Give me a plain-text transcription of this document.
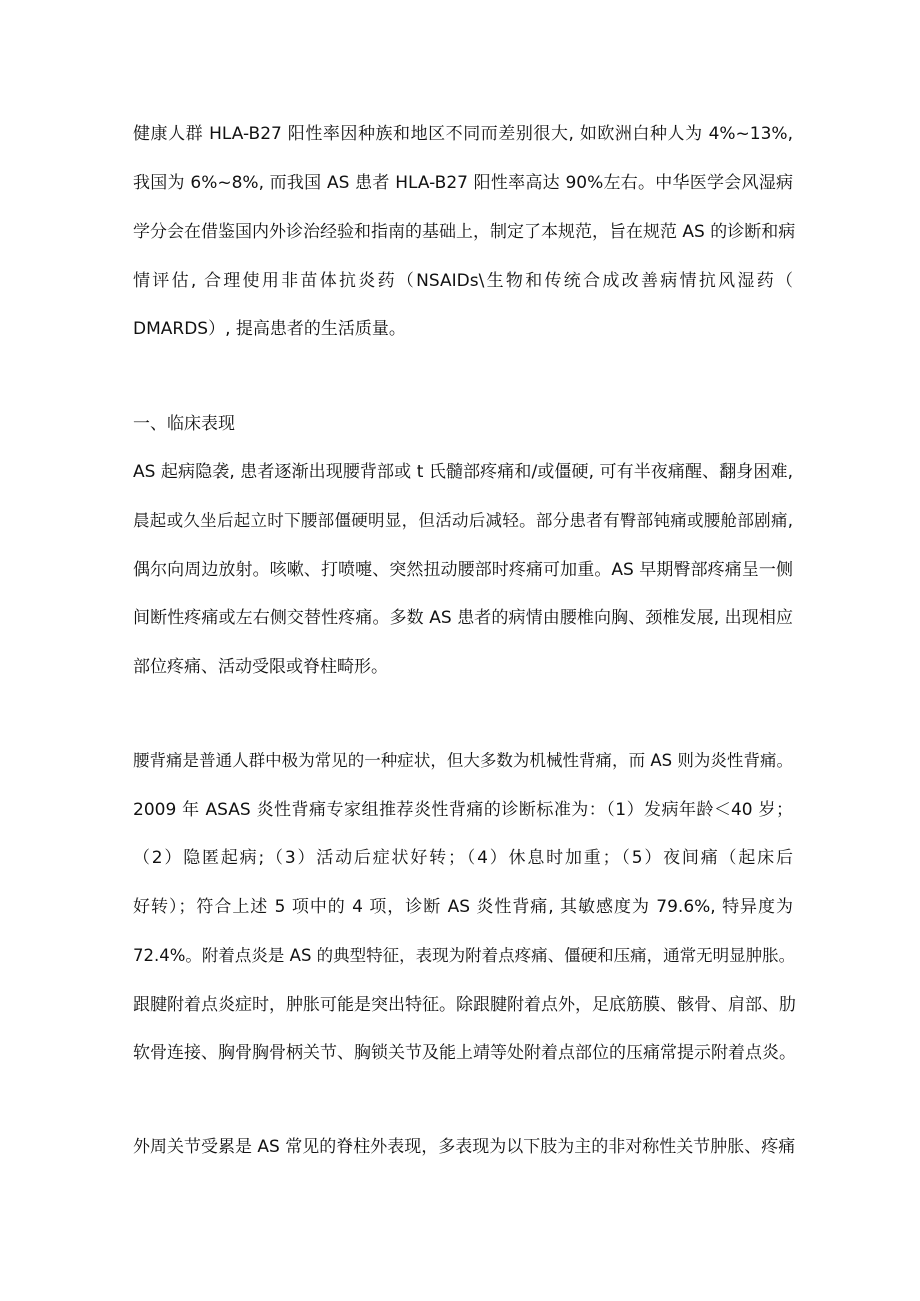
健康人群 HLA-B27 阳性率因种族和地区不同而差别很大, 如欧洲白种人为 4%~13%,
我国为 6%~8%, 而我国 AS 患者 HLA-B27 阳性率高达 90%左右。中华医学会风湿病
学分会在借鉴国内外诊治经验和指南的基础上，制定了本规范，旨在规范 AS 的诊断和病
情评估, 合理使用非苗体抗炎药（NSAIDs\生物和传统合成改善病情抗风湿药（
DMARDS）, 提高患者的生活质量。
一、临床表现
AS 起病隐袭, 患者逐渐出现腰背部或 t 氏髓部疼痛和/或僵硬, 可有半夜痛醒、翻身困难,
晨起或久坐后起立时下腰部僵硬明显，但活动后减轻。部分患者有臀部钝痛或腰舱部剧痛,
偶尔向周边放射。咳嗽、打喷嚏、突然扭动腰部时疼痛可加重。AS 早期臀部疼痛呈一侧
间断性疼痛或左右侧交替性疼痛。多数 AS 患者的病情由腰椎向胸、颈椎发展, 出现相应
部位疼痛、活动受限或脊柱畸形。
腰背痛是普通人群中极为常见的一种症状，但大多数为机械性背痛，而 AS 则为炎性背痛。
2009 年 ASAS 炎性背痛专家组推荐炎性背痛的诊断标准为：（1）发病年龄＜40 岁；
（2）隐匿起病;（3）活动后症状好转；（4）休息时加重；（5）夜间痛（起床后
好转）；符合上述 5 项中的 4 项，诊断 AS 炎性背痛, 其敏感度为 79.6%, 特异度为
72.4%。附着点炎是 AS 的典型特征，表现为附着点疼痛、僵硬和压痛，通常无明显肿胀。
跟腱附着点炎症时，肿胀可能是突出特征。除跟腱附着点外，足底筋膜、骸骨、肩部、肋
软骨连接、胸骨胸骨柄关节、胸锁关节及能上靖等处附着点部位的压痛常提示附着点炎。
外周关节受累是 AS 常见的脊柱外表现，多表现为以下肢为主的非对称性关节肿胀、疼痛
